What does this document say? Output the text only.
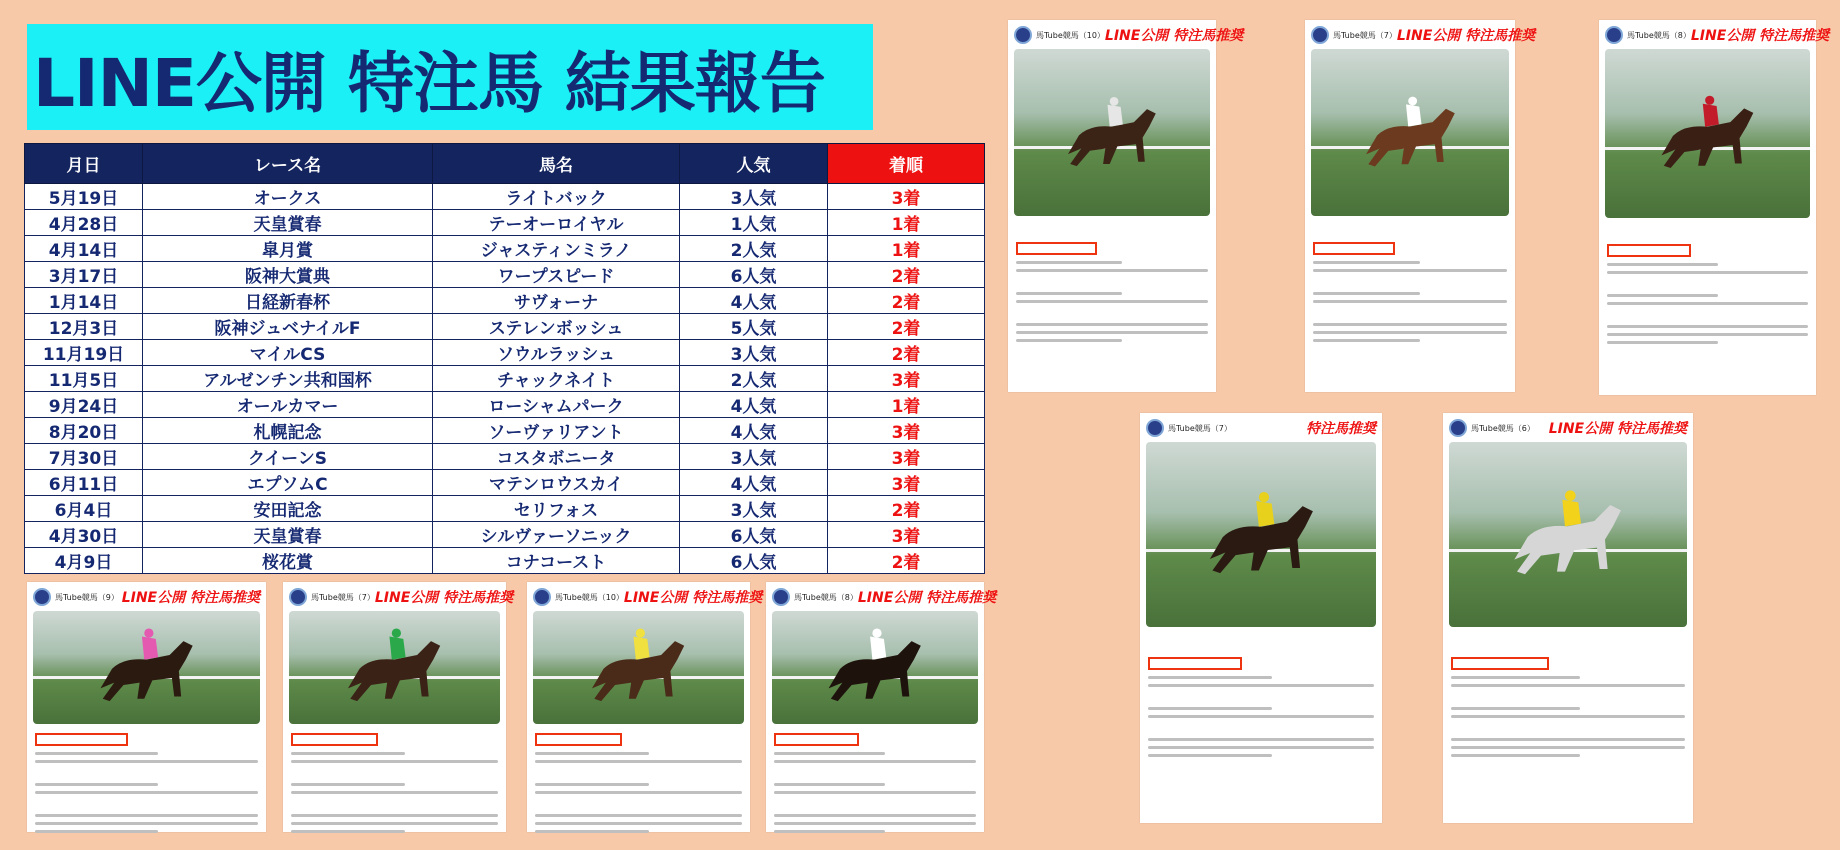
LINE公開 特注馬 結果報告
月日	レース名	馬名	人気	着順
5月19日	オークス	ライトバック	3人気	3着
4月28日	天皇賞春	テーオーロイヤル	1人気	1着
4月14日	皐月賞	ジャスティンミラノ	2人気	1着
3月17日	阪神大賞典	ワープスピード	6人気	2着
1月14日	日経新春杯	サヴォーナ	4人気	2着
12月3日	阪神ジュベナイルF	ステレンボッシュ	5人気	2着
11月19日	マイルCS	ソウルラッシュ	3人気	2着
11月5日	アルゼンチン共和国杯	チャックネイト	2人気	3着
9月24日	オールカマー	ローシャムパーク	4人気	1着
8月20日	札幌記念	ソーヴァリアント	4人気	3着
7月30日	クイーンS	コスタボニータ	3人気	3着
6月11日	エプソムC	マテンロウスカイ	4人気	3着
6月4日	安田記念	セリフォス	3人気	2着
4月30日	天皇賞春	シルヴァーソニック	6人気	3着
4月9日	桜花賞	コナコースト	6人気	2着
馬Tube競馬（10） LINE公開 特注馬推奨	馬Tube競馬（7） LINE公開 特注馬推奨	馬Tube競馬（8） LINE公開 特注馬推奨
馬Tube競馬（7）	特注馬推奨	馬Tube競馬（6） LINE公開 特注馬推奨
馬Tube競馬（9） LINE公開 特注馬推奨	馬Tube競馬（7） LINE公開 特注馬推奨	馬Tube競馬（10） LINE公開 特注馬推奨	馬Tube競馬（8） LINE公開 特注馬推奨
